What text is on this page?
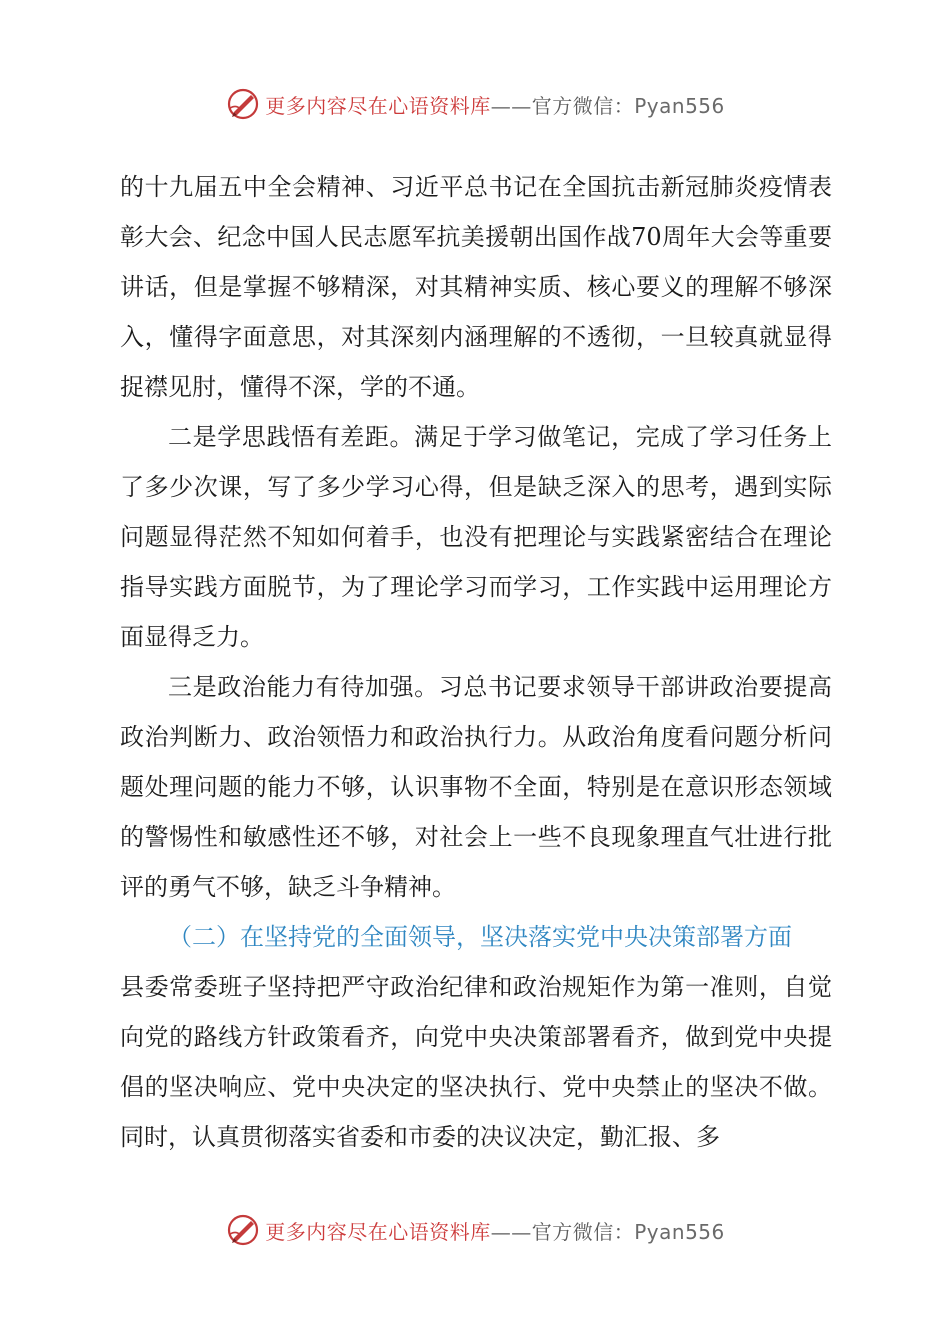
更多内容尽在心语资料库——官方微信：Pyan556

的十九届五中全会精神、习近平总书记在全国抗击新冠肺炎疫情表彰大会、纪念中国人民志愿军抗美援朝出国作战70周年大会等重要讲话，但是掌握不够精深，对其精神实质、核心要义的理解不够深入，懂得字面意思，对其深刻内涵理解的不透彻，一旦较真就显得捉襟见肘，懂得不深，学的不通。

二是学思践悟有差距。满足于学习做笔记，完成了学习任务上了多少次课，写了多少学习心得，但是缺乏深入的思考，遇到实际问题显得茫然不知如何着手，也没有把理论与实践紧密结合在理论指导实践方面脱节，为了理论学习而学习，工作实践中运用理论方面显得乏力。

三是政治能力有待加强。习总书记要求领导干部讲政治要提高政治判断力、政治领悟力和政治执行力。从政治角度看问题分析问题处理问题的能力不够，认识事物不全面，特别是在意识形态领域的警惕性和敏感性还不够，对社会上一些不良现象理直气壮进行批评的勇气不够，缺乏斗争精神。

（二）在坚持党的全面领导，坚决落实党中央决策部署方面

县委常委班子坚持把严守政治纪律和政治规矩作为第一准则，自觉向党的路线方针政策看齐，向党中央决策部署看齐，做到党中央提倡的坚决响应、党中央决定的坚决执行、党中央禁止的坚决不做。同时，认真贯彻落实省委和市委的决议决定，勤汇报、多

更多内容尽在心语资料库——官方微信：Pyan556
